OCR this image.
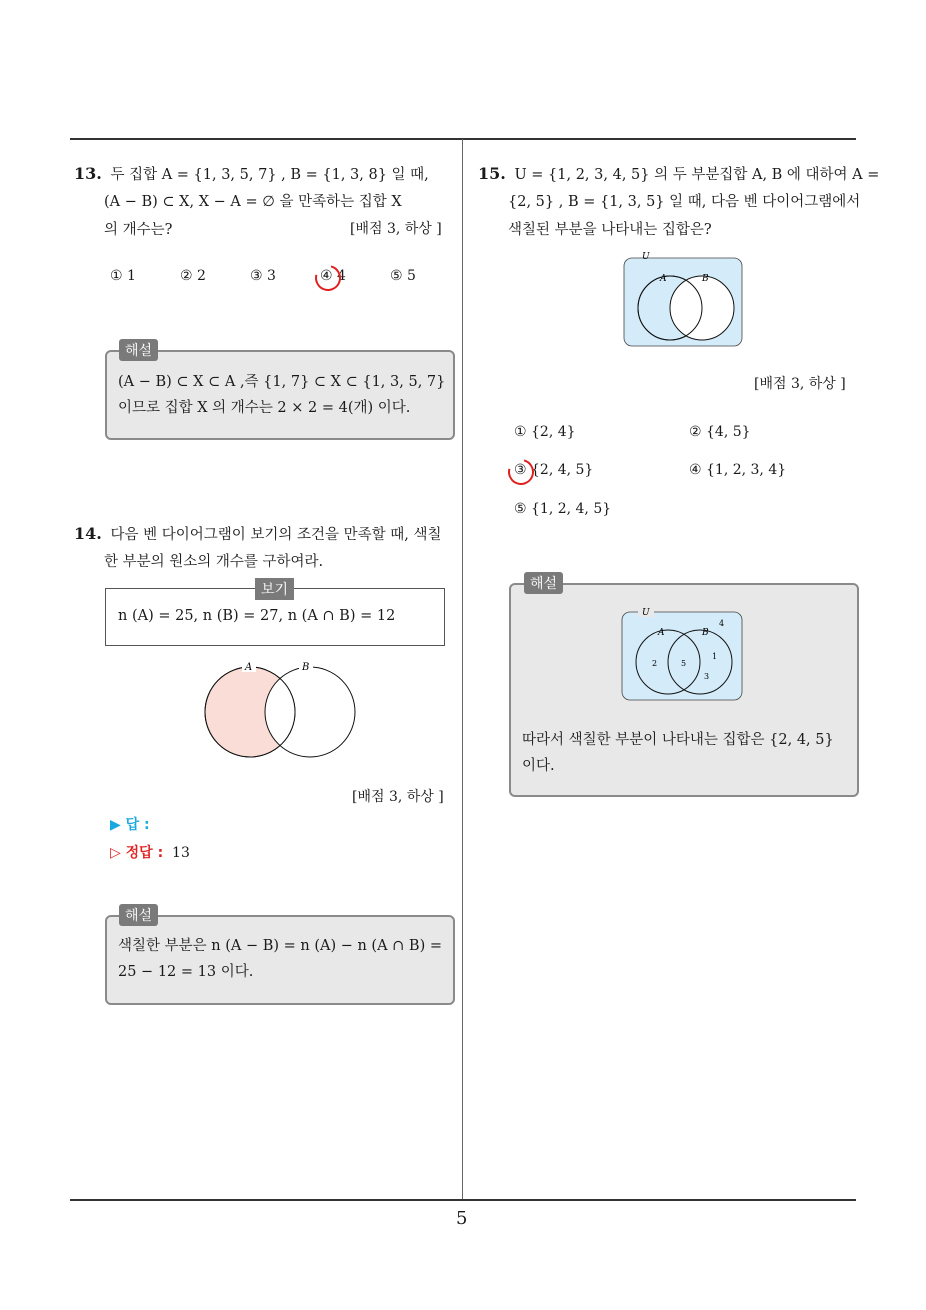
5
13. 두 집합 A = {1, 3, 5, 7} , B = {1, 3, 8} 일 때,
(A − B) ⊂ X, X − A = ∅ 을 만족하는 집합 X
의 개수는?	[배점 3, 하상 ]
① 1	② 2	③ 3	④ 4	⑤ 5
해설
(A − B) ⊂ X ⊂ A ,즉 {1, 7} ⊂ X ⊂ {1, 3, 5, 7}
이므로 집합 X 의 개수는 2 × 2 = 4(개) 이다.
14. 다음 벤 다이어그램이 보기의 조건을 만족할 때, 색칠
한 부분의 원소의 개수를 구하여라.
보기
n (A) = 25, n (B) = 27, n (A ∩ B) = 12
A	B
[배점 3, 하상 ]
▶ 답 :
▷ 정답 : 13
해설
색칠한 부분은 n (A − B) = n (A) − n (A ∩ B) =
25 − 12 = 13 이다.
15. U = {1, 2, 3, 4, 5} 의 두 부분집합 A, B 에 대하여 A =
{2, 5} , B = {1, 3, 5} 일 때, 다음 벤 다이어그램에서
색칠된 부분을 나타내는 집합은?
U
A	B
[배점 3, 하상 ]
① {2, 4}	② {4, 5}
③ {2, 4, 5}	④ {1, 2, 3, 4}
⑤ {1, 2, 4, 5}
해설
U
A	B
4
2	5
1
3
따라서 색칠한 부분이 나타내는 집합은 {2, 4, 5}
이다.
